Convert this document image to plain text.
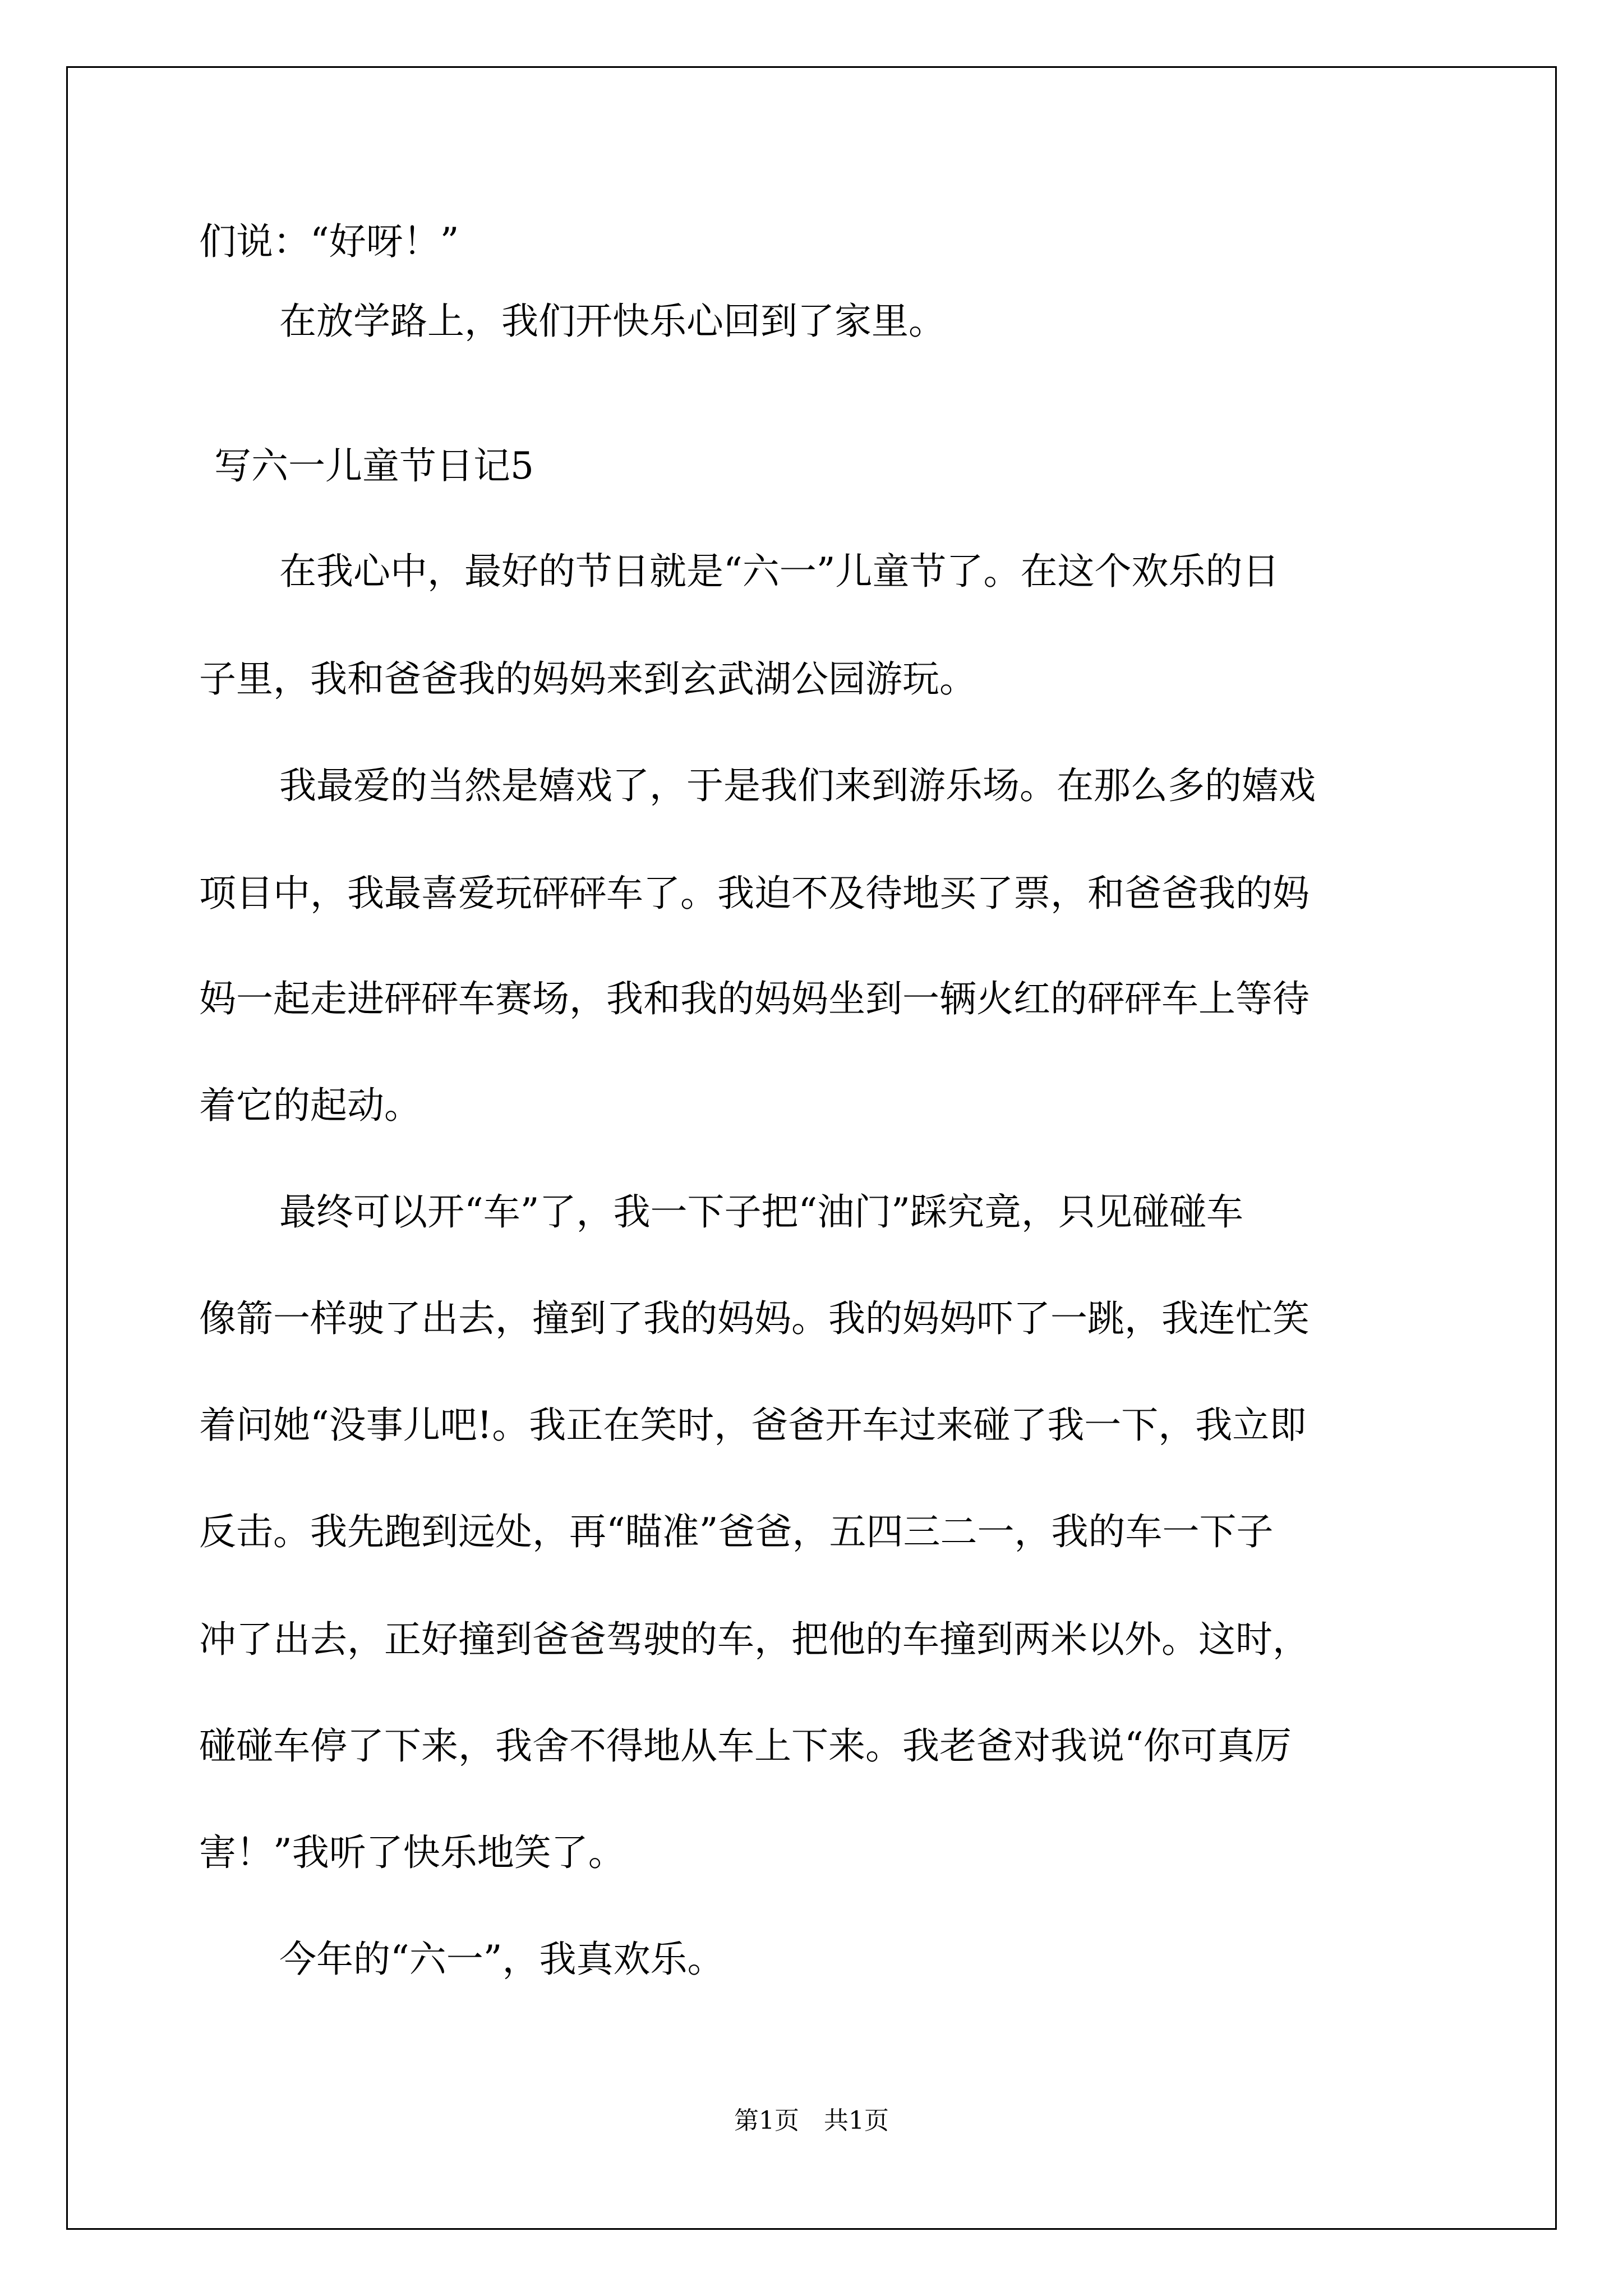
们说：“好呀！”

在放学路上，我们开快乐心回到了家里。

写六一儿童节日记5

在我心中，最好的节日就是“六一”儿童节了。在这个欢乐的日

子里，我和爸爸我的妈妈来到玄武湖公园游玩。

我最爱的当然是嬉戏了，于是我们来到游乐场。在那么多的嬉戏

项目中，我最喜爱玩砰砰车了。我迫不及待地买了票，和爸爸我的妈

妈一起走进砰砰车赛场，我和我的妈妈坐到一辆火红的砰砰车上等待

着它的起动。

最终可以开“车”了，我一下子把“油门”踩究竟，只见碰碰车

像箭一样驶了出去，撞到了我的妈妈。我的妈妈吓了一跳，我连忙笑

着问她“没事儿吧!。我正在笑时，爸爸开车过来碰了我一下，我立即

反击。我先跑到远处，再“瞄准”爸爸，五四三二一，我的车一下子

冲了出去，正好撞到爸爸驾驶的车，把他的车撞到两米以外。这时，

碰碰车停了下来，我舍不得地从车上下来。我老爸对我说“你可真厉

害！”我听了快乐地笑了。

今年的“六一”，我真欢乐。

第1页　共1页
